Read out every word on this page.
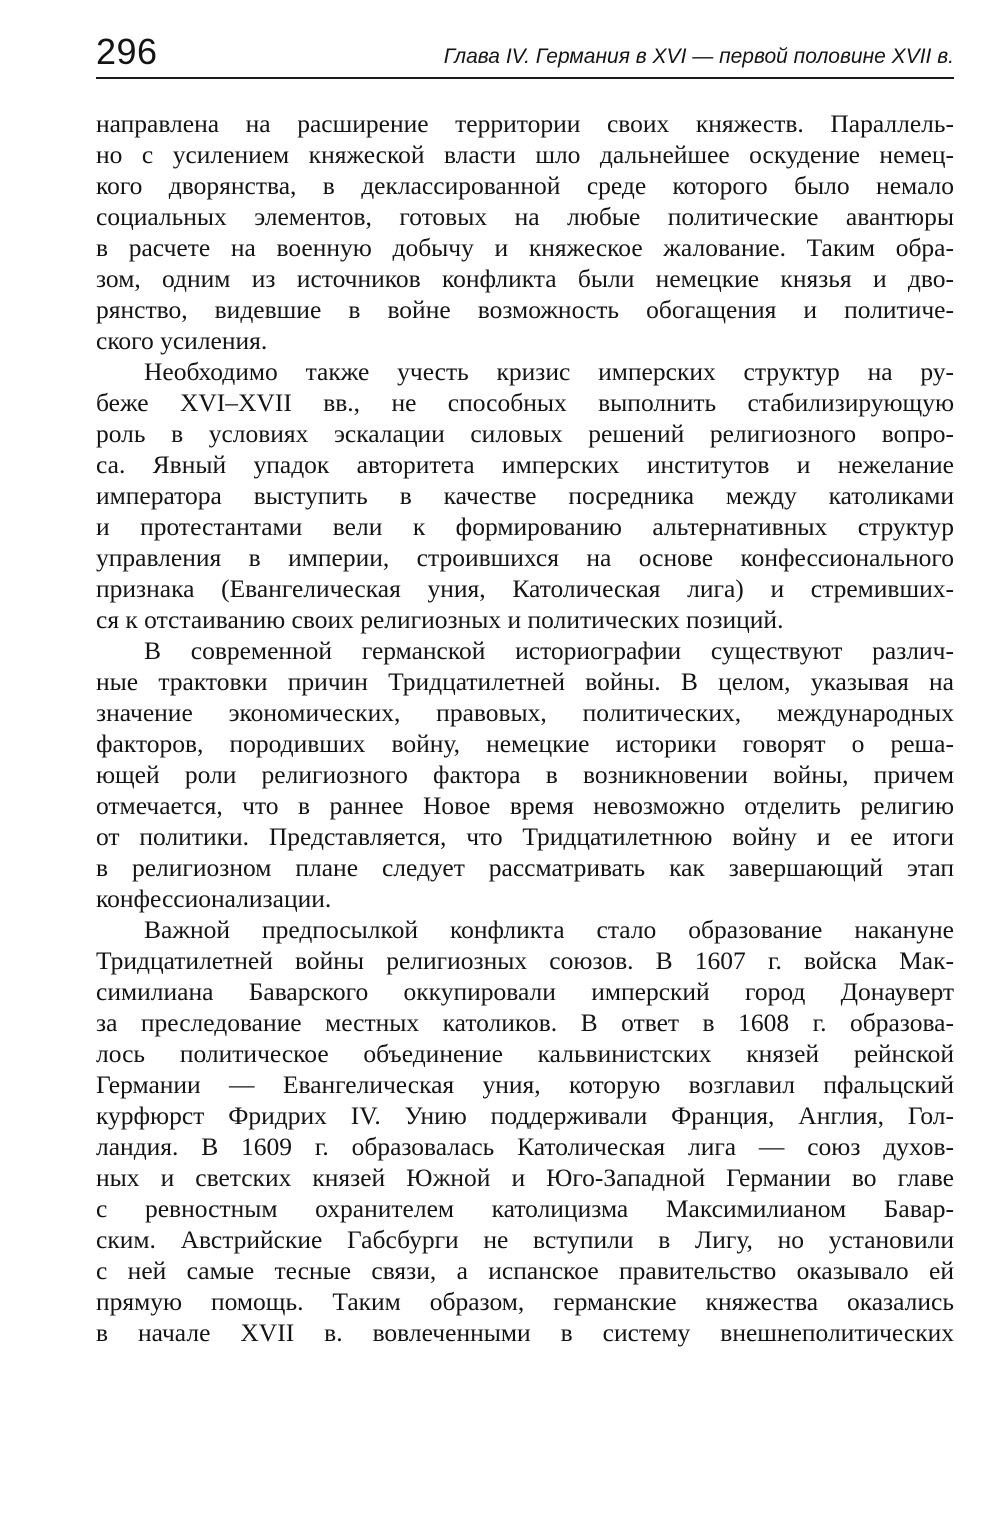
296	Глава IV. Германия в XVI — первой половине XVII в.
направлена на расширение территории своих княжеств. Параллель-
но с усилением княжеской власти шло дальнейшее оскудение немец-
кого дворянства, в деклассированной среде которого было немало
социальных элементов, готовых на любые политические авантюры
в расчете на военную добычу и княжеское жалование. Таким обра-
зом, одним из источников конфликта были немецкие князья и дво-
рянство, видевшие в войне возможность обогащения и политиче-
ского усиления.
Необходимо также учесть кризис имперских структур на ру-
беже XVI–XVII вв., не способных выполнить стабилизирующую
роль в условиях эскалации силовых решений религиозного вопро-
са. Явный упадок авторитета имперских институтов и нежелание
императора выступить в качестве посредника между католиками
и протестантами вели к формированию альтернативных структур
управления в империи, строившихся на основе конфессионального
признака (Евангелическая уния, Католическая лига) и стремивших-
ся к отстаиванию своих религиозных и политических позиций.
В современной германской историографии существуют различ-
ные трактовки причин Тридцатилетней войны. В целом, указывая на
значение экономических, правовых, политических, международных
факторов, породивших войну, немецкие историки говорят о реша-
ющей роли религиозного фактора в возникновении войны, причем
отмечается, что в раннее Новое время невозможно отделить религию
от политики. Представляется, что Тридцатилетнюю войну и ее итоги
в религиозном плане следует рассматривать как завершающий этап
конфессионализации.
Важной предпосылкой конфликта стало образование накануне
Тридцатилетней войны религиозных союзов. В 1607 г. войска Мак-
симилиана Баварского оккупировали имперский город Донауверт
за преследование местных католиков. В ответ в 1608 г. образова-
лось политическое объединение кальвинистских князей рейнской
Германии — Евангелическая уния, которую возглавил пфальцский
курфюрст Фридрих IV. Унию поддерживали Франция, Англия, Гол-
ландия. В 1609 г. образовалась Католическая лига — союз духов-
ных и светских князей Южной и Юго-Западной Германии во главе
с ревностным охранителем католицизма Максимилианом Бавар-
ским. Австрийские Габсбурги не вступили в Лигу, но установили
с ней самые тесные связи, а испанское правительство оказывало ей
прямую помощь. Таким образом, германские княжества оказались
в начале XVII в. вовлеченными в систему внешнеполитических
